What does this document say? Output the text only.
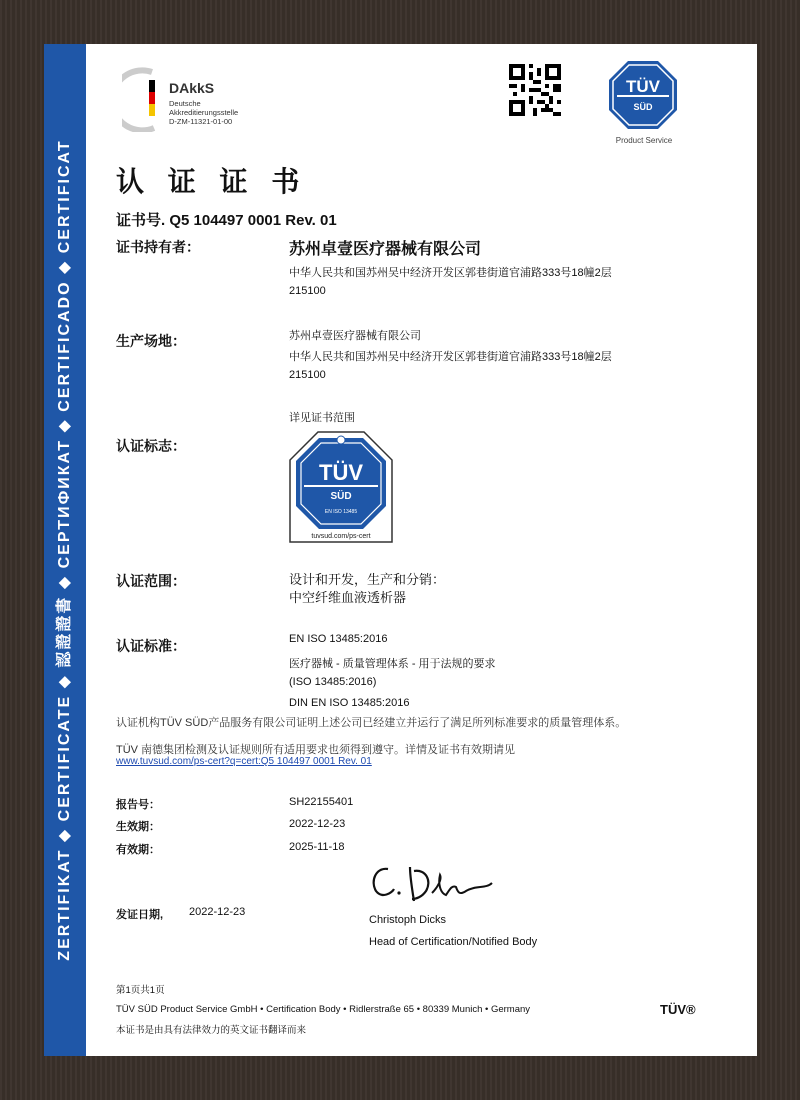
ZERTIFIKAT ◆ CERTIFICATE ◆ 認證證書 ◆ СЕРТИФИКАТ ◆ CERTIFICADO ◆ CERTIFICAT
DAkkS
Deutsche
Akkreditierungsstelle
D-ZM-11321-01-00
TÜV
SÜD
Product Service
认 证 证 书
证书号. Q5 104497 0001 Rev. 01
证书持有者：	苏州卓壹医疗器械有限公司
中华人民共和国苏州吴中经济开发区郭巷街道官浦路333号18幢2层
215100
生产场地：	苏州卓壹医疗器械有限公司
中华人民共和国苏州吴中经济开发区郭巷街道官浦路333号18幢2层
215100
详见证书范围
认证标志：
TÜV
SÜD
EN ISO 13485
tuvsud.com/ps-cert
认证范围：	设计和开发，生产和分销：
中空纤维血液透析器
认证标准：	EN ISO 13485:2016
医疗器械 - 质量管理体系 - 用于法规的要求
(ISO 13485:2016)
DIN EN ISO 13485:2016
认证机构TÜV SÜD产品服务有限公司证明上述公司已经建立并运行了满足所列标准要求的质量管理体系。
TÜV 南德集团检测及认证规则所有适用要求也须得到遵守。详情及证书有效期请见
www.tuvsud.com/ps-cert?q=cert:Q5 104497 0001 Rev. 01
报告号：	SH22155401
生效期：	2022-12-23
有效期：	2025-11-18
发证日期, 2022-12-23
Christoph Dicks
Head of Certification/Notified Body
第1页共1页
TÜV SÜD Product Service GmbH • Certification Body • Ridlerstraße 65 • 80339 Munich • Germany
本证书是由具有法律效力的英文证书翻译而来
TÜV®
